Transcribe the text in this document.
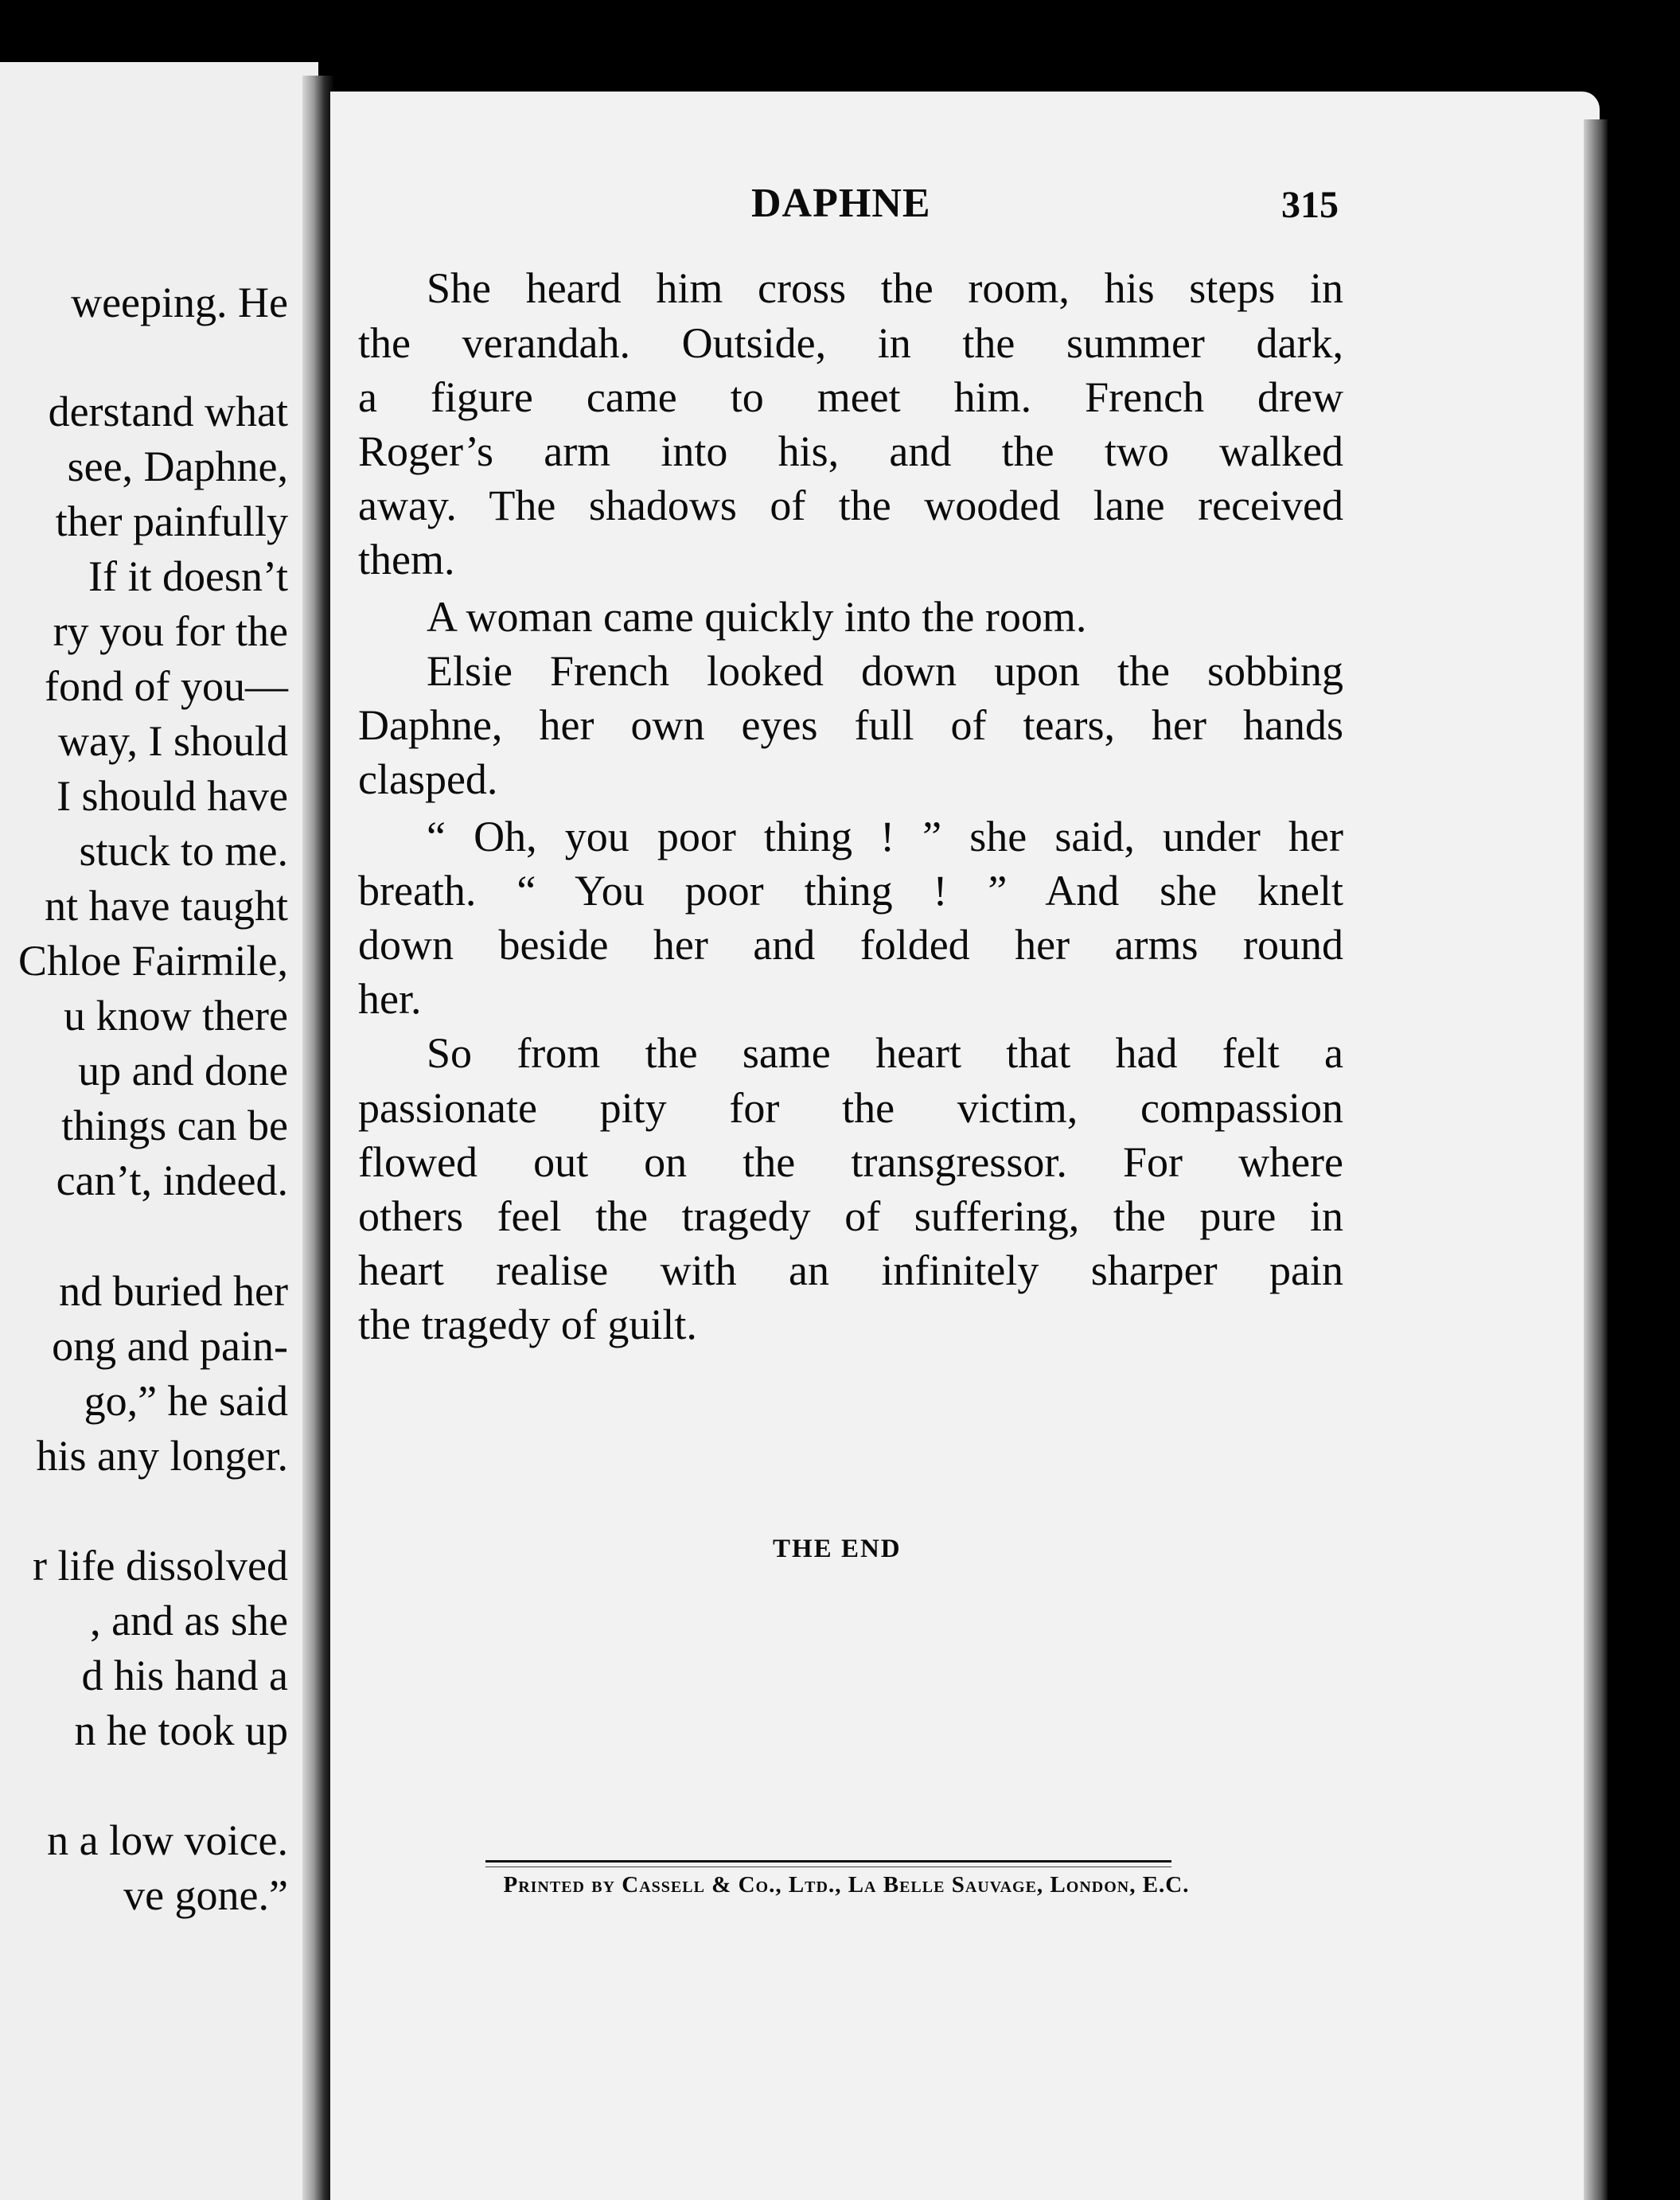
weeping. He
derstand what
see, Daphne,
ther painfully
If it doesn’t
ry you for the
fond of you—
way, I should
I should have
stuck to me.
nt have taught
Chloe Fairmile,
u know there
up and done
things can be
can’t, indeed.
nd buried her
ong and pain-
go,” he said
his any longer.
r life dissolved
, and as she
d his hand a
n he took up
n a low voice.
ve gone.”
DAPHNE	315
She heard him cross the room, his steps in
the verandah. Outside, in the summer dark,
a figure came to meet him. French drew
Roger’s arm into his, and the two walked
away. The shadows of the wooded lane received
them.
A woman came quickly into the room.
Elsie French looked down upon the sobbing
Daphne, her own eyes full of tears, her hands
clasped.
“ Oh, you poor thing ! ” she said, under her
breath. “ You poor thing ! ” And she knelt
down beside her and folded her arms round
her.
So from the same heart that had felt a
passionate pity for the victim, compassion
flowed out on the transgressor. For where
others feel the tragedy of suffering, the pure in
heart realise with an infinitely sharper pain
the tragedy of guilt.
THE END
Printed by Cassell & Co., Ltd., La Belle Sauvage, London, E.C.
